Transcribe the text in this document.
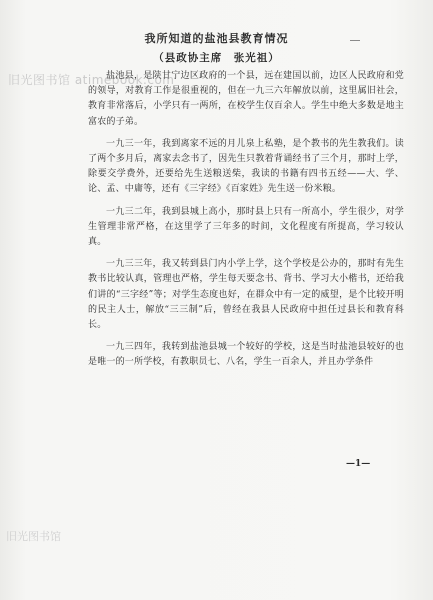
旧光图书馆 atimebook.com
我所知道的盐池县教育情况
（县政协主席　张光祖）

盐池县，是陕甘宁边区政府的一个县，远在建国以前，边区人民政府和党的领导，对教育工作是很重视的，但在一九三六年解放以前，这里属旧社会，教育非常落后，小学只有一两所，在校学生仅百余人。学生中绝大多数是地主富农的子弟。

一九三一年，我到离家不远的月儿泉上私塾，是个教书的先生教我们。读了两个多月后，离家去念书了，因先生只教着背诵经书了三个月，那时上学，除要交学费外，还要给先生送粮送柴，我读的书籍有四书五经——大、学、论、孟、中庸等，还有《三字经》《百家姓》先生送一份米粮。

一九三二年，我到县城上高小，那时县上只有一所高小，学生很少，对学生管理非常严格，在这里学了三年多的时间，文化程度有所提高，学习较认真。

一九三三年，我又转到县门内小学上学，这个学校是公办的，那时有先生教书比较认真，管理也严格，学生每天要念书、背书、学习大小楷书，还给我们讲的“三字经”等；对学生态度也好，在群众中有一定的威望，是个比较开明的民主人士，解放“三三制”后，曾经在我县人民政府中担任过县长和教育科长。

一九三四年，我转到盐池县城一个较好的学校，这是当时盐池县较好的也是唯一的一所学校，有教职员七、八名，学生一百余人，并且办学条件

—1—
旧光图书馆
